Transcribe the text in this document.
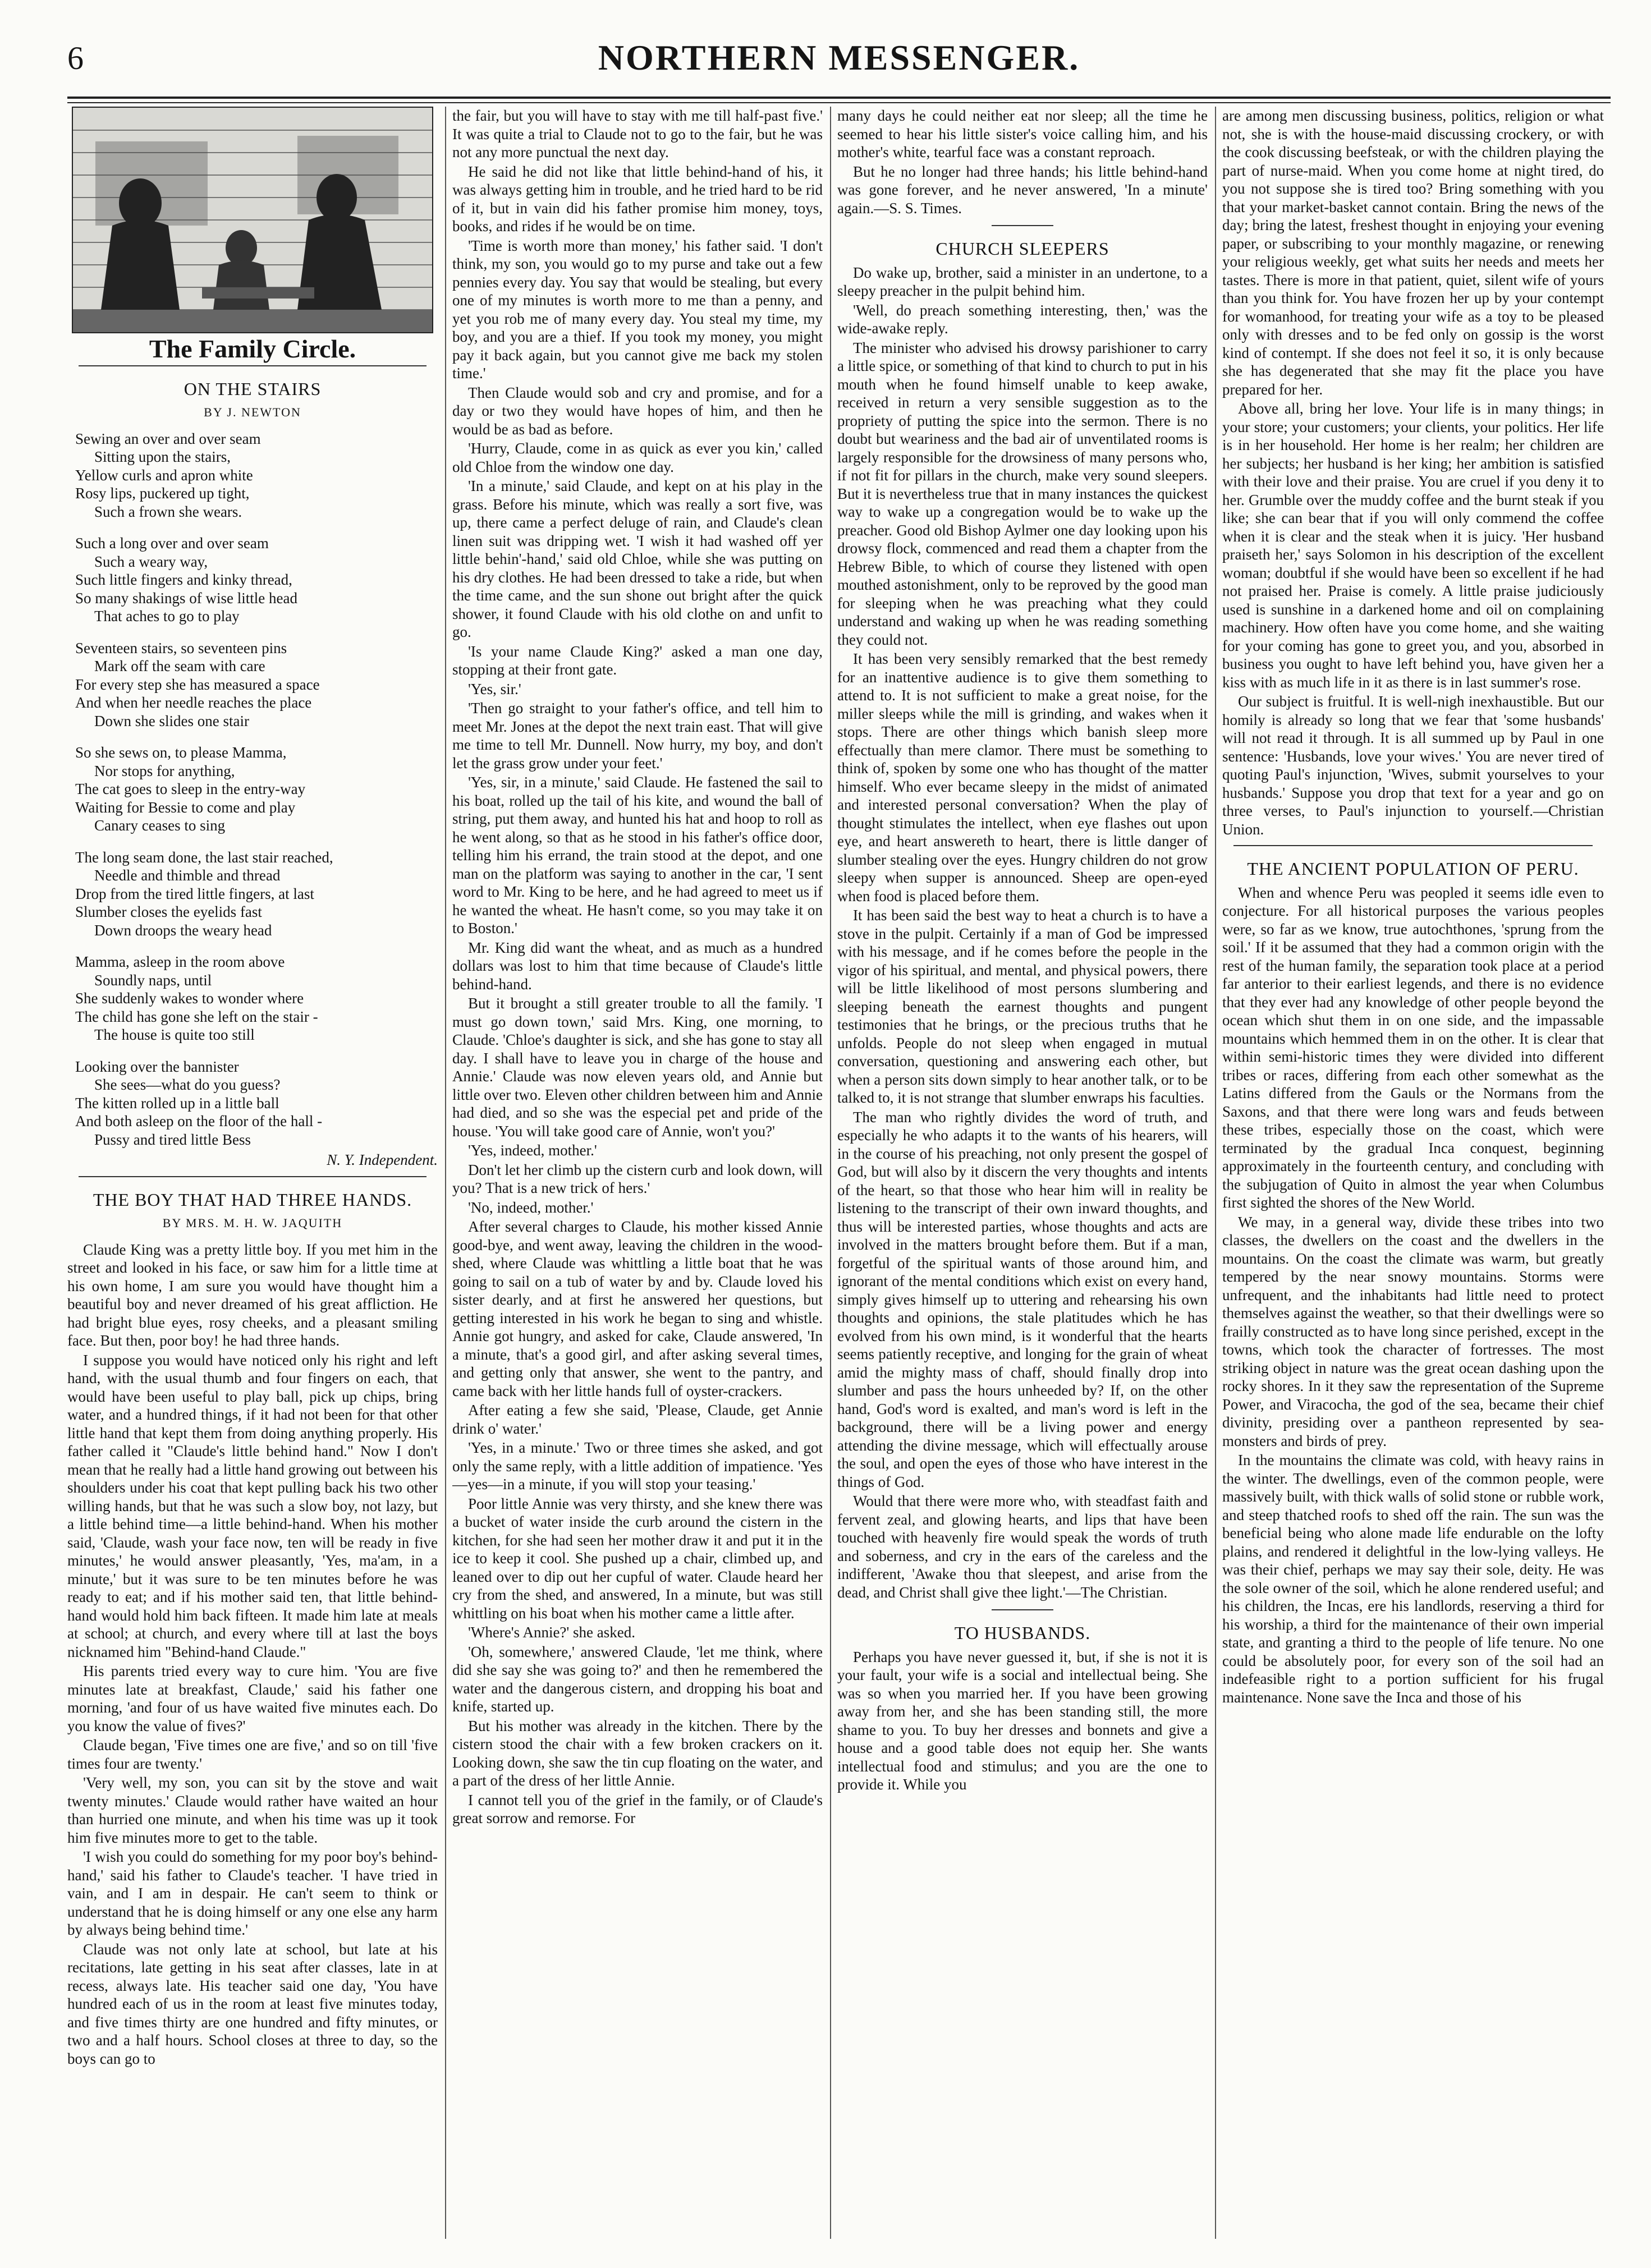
6	NORTHERN MESSENGER.
The Family Circle.
ON THE STAIRS
BY J. NEWTON
Sewing an over and over seam
Sitting upon the stairs,
Yellow curls and apron white
Rosy lips, puckered up tight,
Such a frown she wears.
Such a long over and over seam
Such a weary way,
Such little fingers and kinky thread,
So many shakings of wise little head
That aches to go to play
Seventeen stairs, so seventeen pins
Mark off the seam with care
For every step she has measured a space
And when her needle reaches the place
Down she slides one stair
So she sews on, to please Mamma,
Nor stops for anything,
The cat goes to sleep in the entry-way
Waiting for Bessie to come and play
Canary ceases to sing
The long seam done, the last stair reached,
Needle and thimble and thread
Drop from the tired little fingers, at last
Slumber closes the eyelids fast
Down droops the weary head
Mamma, asleep in the room above
Soundly naps, until
She suddenly wakes to wonder where
The child has gone she left on the stair -
The house is quite too still
Looking over the bannister
She sees—what do you guess?
The kitten rolled up in a little ball
And both asleep on the floor of the hall -
Pussy and tired little Bess

N. Y. Independent.

THE BOY THAT HAD THREE HANDS.
BY MRS. M. H. W. JAQUITH

Claude King was a pretty little boy. If you met him in the street and looked in his face, or saw him for a little time at his own home, I am sure you would have thought him a beautiful boy and never dreamed of his great affliction. He had bright blue eyes, rosy cheeks, and a pleasant smiling face. But then, poor boy! he had three hands.

I suppose you would have noticed only his right and left hand, with the usual thumb and four fingers on each, that would have been useful to play ball, pick up chips, bring water, and a hundred things, if it had not been for that other little hand that kept them from doing anything properly. His father called it "Claude's little behind hand." Now I don't mean that he really had a little hand growing out between his shoulders under his coat that kept pulling back his two other willing hands, but that he was such a slow boy, not lazy, but a little behind time—a little behind-hand. When his mother said, 'Claude, wash your face now, ten will be ready in five minutes,' he would answer pleasantly, 'Yes, ma'am, in a minute,' but it was sure to be ten minutes before he was ready to eat; and if his mother said ten, that little behind-hand would hold him back fifteen. It made him late at meals at school; at church, and every where till at last the boys nicknamed him "Behind-hand Claude."

His parents tried every way to cure him. 'You are five minutes late at breakfast, Claude,' said his father one morning, 'and four of us have waited five minutes each. Do you know the value of fives?'

Claude began, 'Five times one are five,' and so on till 'five times four are twenty.'

'Very well, my son, you can sit by the stove and wait twenty minutes.' Claude would rather have waited an hour than hurried one minute, and when his time was up it took him five minutes more to get to the table.

'I wish you could do something for my poor boy's behind-hand,' said his father to Claude's teacher. 'I have tried in vain, and I am in despair. He can't seem to think or understand that he is doing himself or any one else any harm by always being behind time.'

Claude was not only late at school, but late at his recitations, late getting in his seat after classes, late in at recess, always late. His teacher said one day, 'You have hundred each of us in the room at least five minutes today, and five times thirty are one hundred and fifty minutes, or two and a half hours. School closes at three to day, so the boys can go to

the fair, but you will have to stay with me till half-past five.' It was quite a trial to Claude not to go to the fair, but he was not any more punctual the next day.

He said he did not like that little behind-hand of his, it was always getting him in trouble, and he tried hard to be rid of it, but in vain did his father promise him money, toys, books, and rides if he would be on time.

'Time is worth more than money,' his father said. 'I don't think, my son, you would go to my purse and take out a few pennies every day. You say that would be stealing, but every one of my minutes is worth more to me than a penny, and yet you rob me of many every day. You steal my time, my boy, and you are a thief. If you took my money, you might pay it back again, but you cannot give me back my stolen time.'

Then Claude would sob and cry and promise, and for a day or two they would have hopes of him, and then he would be as bad as before.

'Hurry, Claude, come in as quick as ever you kin,' called old Chloe from the window one day.

'In a minute,' said Claude, and kept on at his play in the grass. Before his minute, which was really a sort five, was up, there came a perfect deluge of rain, and Claude's clean linen suit was dripping wet. 'I wish it had washed off yer little behin'-hand,' said old Chloe, while she was putting on his dry clothes. He had been dressed to take a ride, but when the time came, and the sun shone out bright after the quick shower, it found Claude with his old clothe on and unfit to go.

'Is your name Claude King?' asked a man one day, stopping at their front gate.

'Yes, sir.'

'Then go straight to your father's office, and tell him to meet Mr. Jones at the depot the next train east. That will give me time to tell Mr. Dunnell. Now hurry, my boy, and don't let the grass grow under your feet.'

'Yes, sir, in a minute,' said Claude. He fastened the sail to his boat, rolled up the tail of his kite, and wound the ball of string, put them away, and hunted his hat and hoop to roll as he went along, so that as he stood in his father's office door, telling him his errand, the train stood at the depot, and one man on the platform was saying to another in the car, 'I sent word to Mr. King to be here, and he had agreed to meet us if he wanted the wheat. He hasn't come, so you may take it on to Boston.'

Mr. King did want the wheat, and as much as a hundred dollars was lost to him that time because of Claude's little behind-hand.

But it brought a still greater trouble to all the family. 'I must go down town,' said Mrs. King, one morning, to Claude. 'Chloe's daughter is sick, and she has gone to stay all day. I shall have to leave you in charge of the house and Annie.' Claude was now eleven years old, and Annie but little over two. Eleven other children between him and Annie had died, and so she was the especial pet and pride of the house. 'You will take good care of Annie, won't you?'

'Yes, indeed, mother.'

Don't let her climb up the cistern curb and look down, will you? That is a new trick of hers.'

'No, indeed, mother.'

After several charges to Claude, his mother kissed Annie good-bye, and went away, leaving the children in the wood-shed, where Claude was whittling a little boat that he was going to sail on a tub of water by and by. Claude loved his sister dearly, and at first he answered her questions, but getting interested in his work he began to sing and whistle. Annie got hungry, and asked for cake, Claude answered, 'In a minute, that's a good girl, and after asking several times, and getting only that answer, she went to the pantry, and came back with her little hands full of oyster-crackers.

After eating a few she said, 'Please, Claude, get Annie drink o' water.'

'Yes, in a minute.' Two or three times she asked, and got only the same reply, with a little addition of impatience. 'Yes—yes—in a minute, if you will stop your teasing.'

Poor little Annie was very thirsty, and she knew there was a bucket of water inside the curb around the cistern in the kitchen, for she had seen her mother draw it and put it in the ice to keep it cool. She pushed up a chair, climbed up, and leaned over to dip out her cupful of water. Claude heard her cry from the shed, and answered, In a minute, but was still whittling on his boat when his mother came a little after.

'Where's Annie?' she asked.

'Oh, somewhere,' answered Claude, 'let me think, where did she say she was going to?' and then he remembered the water and the dangerous cistern, and dropping his boat and knife, started up.

But his mother was already in the kitchen. There by the cistern stood the chair with a few broken crackers on it. Looking down, she saw the tin cup floating on the water, and a part of the dress of her little Annie.

I cannot tell you of the grief in the family, or of Claude's great sorrow and remorse. For

many days he could neither eat nor sleep; all the time he seemed to hear his little sister's voice calling him, and his mother's white, tearful face was a constant reproach.

But he no longer had three hands; his little behind-hand was gone forever, and he never answered, 'In a minute' again.—S. S. Times.

CHURCH SLEEPERS

Do wake up, brother, said a minister in an undertone, to a sleepy preacher in the pulpit behind him.

'Well, do preach something interesting, then,' was the wide-awake reply.

The minister who advised his drowsy parishioner to carry a little spice, or something of that kind to church to put in his mouth when he found himself unable to keep awake, received in return a very sensible suggestion as to the propriety of putting the spice into the sermon. There is no doubt but weariness and the bad air of unventilated rooms is largely responsible for the drowsiness of many persons who, if not fit for pillars in the church, make very sound sleepers. But it is nevertheless true that in many instances the quickest way to wake up a congregation would be to wake up the preacher. Good old Bishop Aylmer one day looking upon his drowsy flock, commenced and read them a chapter from the Hebrew Bible, to which of course they listened with open mouthed astonishment, only to be reproved by the good man for sleeping when he was preaching what they could understand and waking up when he was reading something they could not.

It has been very sensibly remarked that the best remedy for an inattentive audience is to give them something to attend to. It is not sufficient to make a great noise, for the miller sleeps while the mill is grinding, and wakes when it stops. There are other things which banish sleep more effectually than mere clamor. There must be something to think of, spoken by some one who has thought of the matter himself. Who ever became sleepy in the midst of animated and interested personal conversation? When the play of thought stimulates the intellect, when eye flashes out upon eye, and heart answereth to heart, there is little danger of slumber stealing over the eyes. Hungry children do not grow sleepy when supper is announced. Sheep are open-eyed when food is placed before them.

It has been said the best way to heat a church is to have a stove in the pulpit. Certainly if a man of God be impressed with his message, and if he comes before the people in the vigor of his spiritual, and mental, and physical powers, there will be little likelihood of most persons slumbering and sleeping beneath the earnest thoughts and pungent testimonies that he brings, or the precious truths that he unfolds. People do not sleep when engaged in mutual conversation, questioning and answering each other, but when a person sits down simply to hear another talk, or to be talked to, it is not strange that slumber enwraps his faculties.

The man who rightly divides the word of truth, and especially he who adapts it to the wants of his hearers, will in the course of his preaching, not only present the gospel of God, but will also by it discern the very thoughts and intents of the heart, so that those who hear him will in reality be listening to the transcript of their own inward thoughts, and thus will be interested parties, whose thoughts and acts are involved in the matters brought before them. But if a man, forgetful of the spiritual wants of those around him, and ignorant of the mental conditions which exist on every hand, simply gives himself up to uttering and rehearsing his own thoughts and opinions, the stale platitudes which he has evolved from his own mind, is it wonderful that the hearts seems patiently receptive, and longing for the grain of wheat amid the mighty mass of chaff, should finally drop into slumber and pass the hours unheeded by? If, on the other hand, God's word is exalted, and man's word is left in the background, there will be a living power and energy attending the divine message, which will effectually arouse the soul, and open the eyes of those who have interest in the things of God.

Would that there were more who, with steadfast faith and fervent zeal, and glowing hearts, and lips that have been touched with heavenly fire would speak the words of truth and soberness, and cry in the ears of the careless and the indifferent, 'Awake thou that sleepest, and arise from the dead, and Christ shall give thee light.'—The Christian.

TO HUSBANDS.

Perhaps you have never guessed it, but, if she is not it is your fault, your wife is a social and intellectual being. She was so when you married her. If you have been growing away from her, and she has been standing still, the more shame to you. To buy her dresses and bonnets and give a house and a good table does not equip her. She wants intellectual food and stimulus; and you are the one to provide it. While you

are among men discussing business, politics, religion or what not, she is with the house-maid discussing crockery, or with the cook discussing beefsteak, or with the children playing the part of nurse-maid. When you come home at night tired, do you not suppose she is tired too? Bring something with you that your market-basket cannot contain. Bring the news of the day; bring the latest, freshest thought in enjoying your evening paper, or subscribing to your monthly magazine, or renewing your religious weekly, get what suits her needs and meets her tastes. There is more in that patient, quiet, silent wife of yours than you think for. You have frozen her up by your contempt for womanhood, for treating your wife as a toy to be pleased only with dresses and to be fed only on gossip is the worst kind of contempt. If she does not feel it so, it is only because she has degenerated that she may fit the place you have prepared for her.

Above all, bring her love. Your life is in many things; in your store; your customers; your clients, your politics. Her life is in her household. Her home is her realm; her children are her subjects; her husband is her king; her ambition is satisfied with their love and their praise. You are cruel if you deny it to her. Grumble over the muddy coffee and the burnt steak if you like; she can bear that if you will only commend the coffee when it is clear and the steak when it is juicy. 'Her husband praiseth her,' says Solomon in his description of the excellent woman; doubtful if she would have been so excellent if he had not praised her. Praise is comely. A little praise judiciously used is sunshine in a darkened home and oil on complaining machinery. How often have you come home, and she waiting for your coming has gone to greet you, and you, absorbed in business you ought to have left behind you, have given her a kiss with as much life in it as there is in last summer's rose.

Our subject is fruitful. It is well-nigh inexhaustible. But our homily is already so long that we fear that 'some husbands' will not read it through. It is all summed up by Paul in one sentence: 'Husbands, love your wives.' You are never tired of quoting Paul's injunction, 'Wives, submit yourselves to your husbands.' Suppose you drop that text for a year and go on three verses, to Paul's injunction to yourself.—Christian Union.

THE ANCIENT POPULATION OF PERU.

When and whence Peru was peopled it seems idle even to conjecture. For all historical purposes the various peoples were, so far as we know, true autochthones, 'sprung from the soil.' If it be assumed that they had a common origin with the rest of the human family, the separation took place at a period far anterior to their earliest legends, and there is no evidence that they ever had any knowledge of other people beyond the ocean which shut them in on one side, and the impassable mountains which hemmed them in on the other. It is clear that within semi-historic times they were divided into different tribes or races, differing from each other somewhat as the Latins differed from the Gauls or the Normans from the Saxons, and that there were long wars and feuds between these tribes, especially those on the coast, which were terminated by the gradual Inca conquest, beginning approximately in the fourteenth century, and concluding with the subjugation of Quito in almost the year when Columbus first sighted the shores of the New World.

We may, in a general way, divide these tribes into two classes, the dwellers on the coast and the dwellers in the mountains. On the coast the climate was warm, but greatly tempered by the near snowy mountains. Storms were unfrequent, and the inhabitants had little need to protect themselves against the weather, so that their dwellings were so frailly constructed as to have long since perished, except in the towns, which took the character of fortresses. The most striking object in nature was the great ocean dashing upon the rocky shores. In it they saw the representation of the Supreme Power, and Viracocha, the god of the sea, became their chief divinity, presiding over a pantheon represented by sea-monsters and birds of prey.

In the mountains the climate was cold, with heavy rains in the winter. The dwellings, even of the common people, were massively built, with thick walls of solid stone or rubble work, and steep thatched roofs to shed off the rain. The sun was the beneficial being who alone made life endurable on the lofty plains, and rendered it delightful in the low-lying valleys. He was their chief, perhaps we may say their sole, deity. He was the sole owner of the soil, which he alone rendered useful; and his children, the Incas, ere his landlords, reserving a third for his worship, a third for the maintenance of their own imperial state, and granting a third to the people of life tenure. No one could be absolutely poor, for every son of the soil had an indefeasible right to a portion sufficient for his frugal maintenance. None save the Inca and those of his
